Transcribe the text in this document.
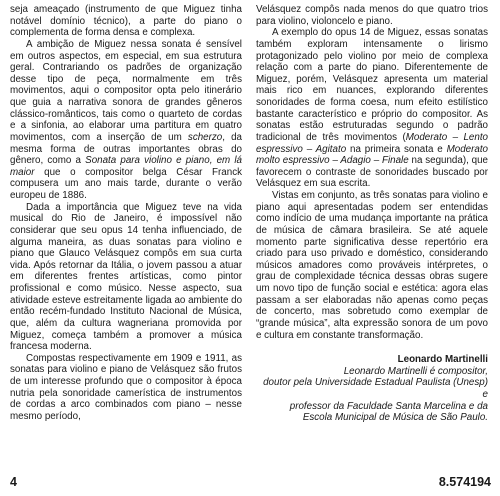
seja ameaçado (instrumento de que Miguez tinha notável domínio técnico), a parte do piano o complementa de forma densa e complexa.

A ambição de Miguez nessa sonata é sensível em outros aspectos, em especial, em sua estrutura geral. Contrariando os padrões de organização desse tipo de peça, normalmente em três movimentos, aqui o compositor opta pelo itinerário que guia a narrativa sonora de grandes gêneros clássico-românticos, tais como o quarteto de cordas e a sinfonia, ao elaborar uma partitura em quatro movimentos, com a inserção de um scherzo, da mesma forma de outras importantes obras do gênero, como a Sonata para violino e piano, em lá maior que o compositor belga César Franck compusera um ano mais tarde, durante o verão europeu de 1886.

Dada a importância que Miguez teve na vida musical do Rio de Janeiro, é impossível não considerar que seu opus 14 tenha influenciado, de alguma maneira, as duas sonatas para violino e piano que Glauco Velásquez compôs em sua curta vida. Após retornar da Itália, o jovem passou a atuar em diferentes frentes artísticas, como pintor profissional e como músico. Nesse aspecto, sua atividade esteve estreitamente ligada ao ambiente do então recém-fundado Instituto Nacional de Música, que, além da cultura wagneriana promovida por Miguez, começa também a promover a música francesa moderna.

Compostas respectivamente em 1909 e 1911, as sonatas para violino e piano de Velásquez são frutos de um interesse profundo que o compositor à época nutria pela sonoridade camerística de instrumentos de cordas a arco combinados com piano – nesse mesmo período,

Velásquez compôs nada menos do que quatro trios para violino, violoncelo e piano.

A exemplo do opus 14 de Miguez, essas sonatas também exploram intensamente o lirismo protagonizado pelo violino por meio de complexa relação com a parte do piano. Diferentemente de Miguez, porém, Velásquez apresenta um material mais rico em nuances, explorando diferentes sonoridades de forma coesa, num efeito estilístico bastante característico e próprio do compositor. As sonatas estão estruturadas segundo o padrão tradicional de três movimentos (Moderato – Lento espressivo – Agitato na primeira sonata e Moderato molto espressivo – Adagio – Finale na segunda), que favorecem o contraste de sonoridades buscado por Velásquez em sua escrita.

Vistas em conjunto, as três sonatas para violino e piano aqui apresentadas podem ser entendidas como indício de uma mudança importante na prática de música de câmara brasileira. Se até aquele momento parte significativa desse repertório era criado para uso privado e doméstico, considerando músicos amadores como prováveis intérpretes, o grau de complexidade técnica dessas obras sugere um novo tipo de função social e estética: agora elas passam a ser elaboradas não apenas como peças de concerto, mas sobretudo como exemplar de “grande música”, alta expressão sonora de um povo e cultura em constante transformação.

Leonardo Martinelli
Leonardo Martinelli é compositor,
doutor pela Universidade Estadual Paulista (Unesp) e
professor da Faculdade Santa Marcelina e da
Escola Municipal de Música de São Paulo.
4	8.574194
